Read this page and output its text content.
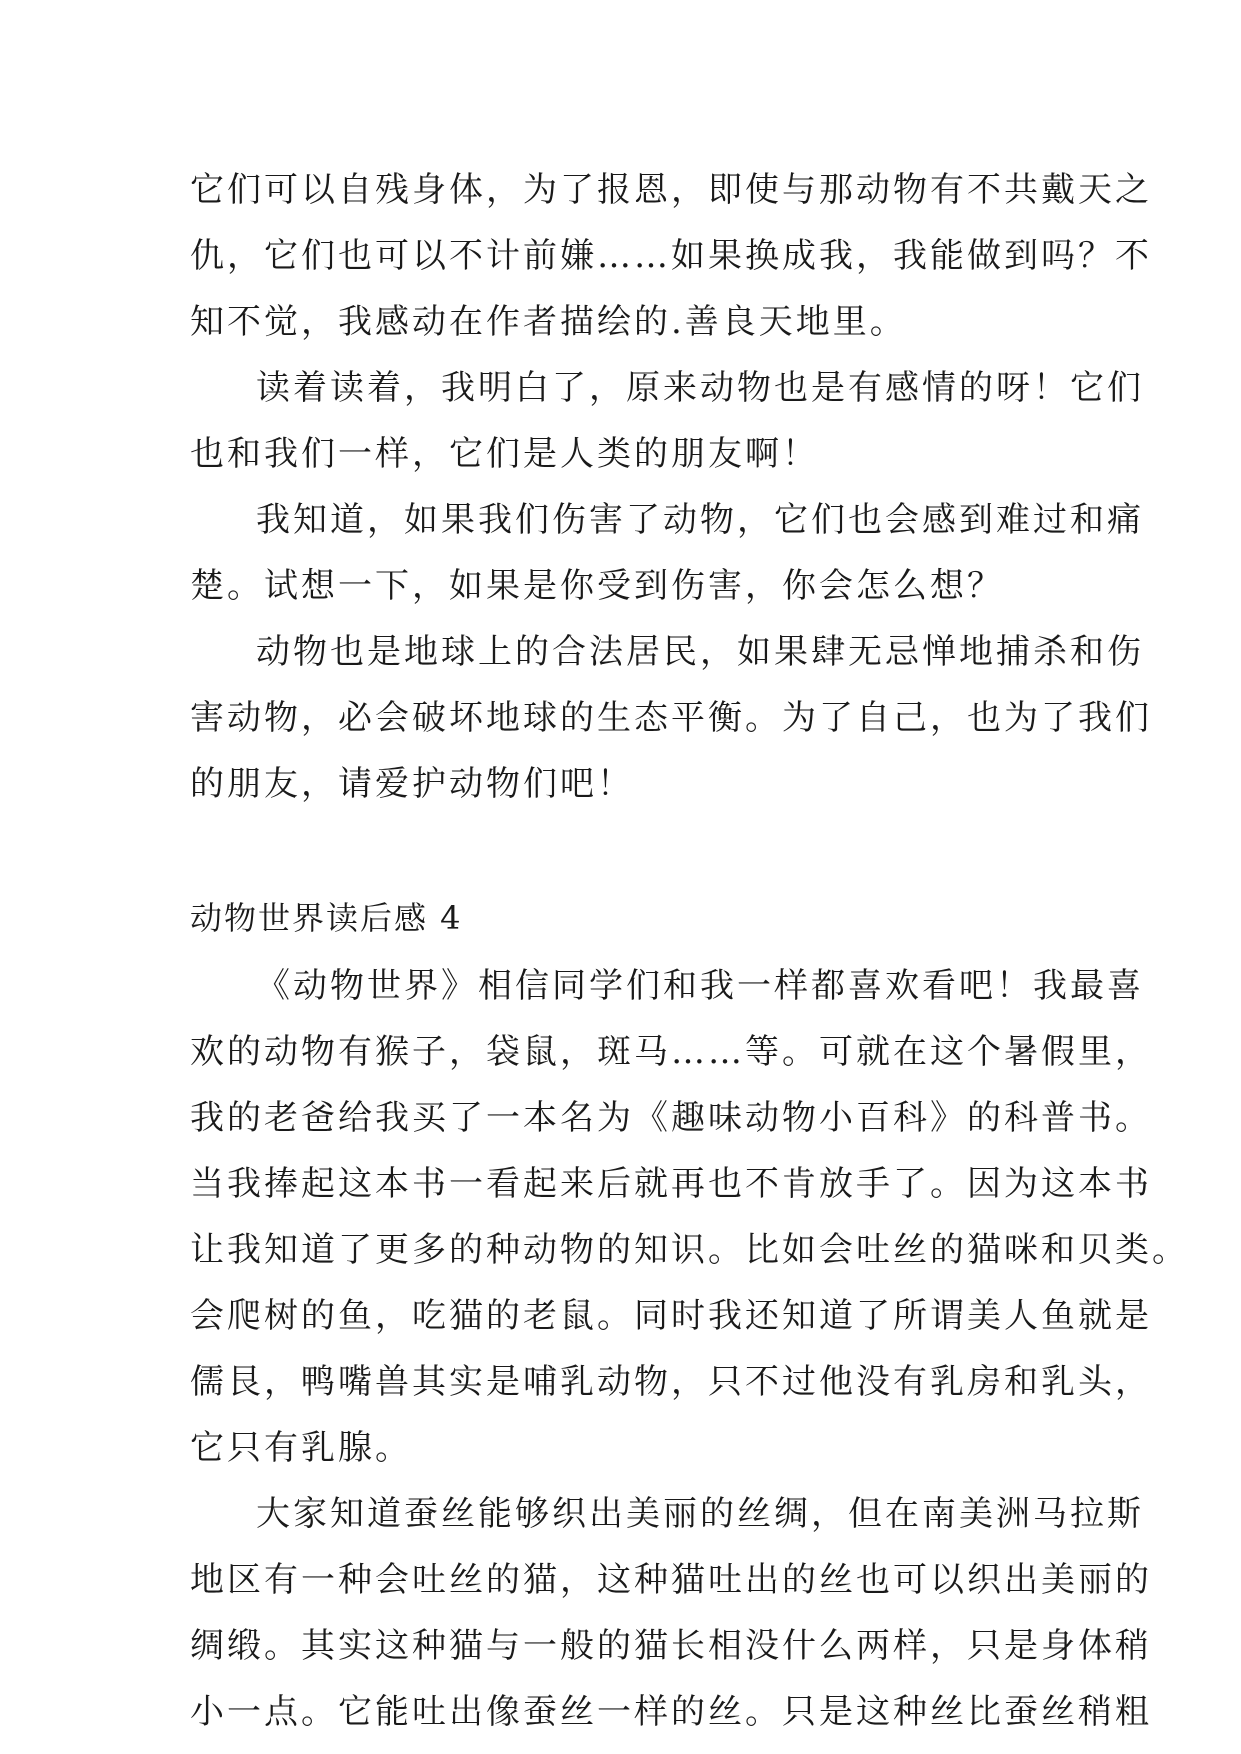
它们可以自残身体，为了报恩，即使与那动物有不共戴天之
仇，它们也可以不计前嫌……如果换成我，我能做到吗？不
知不觉，我感动在作者描绘的.善良天地里。
读着读着，我明白了，原来动物也是有感情的呀！它们
也和我们一样，它们是人类的朋友啊！
我知道，如果我们伤害了动物，它们也会感到难过和痛
楚。试想一下，如果是你受到伤害，你会怎么想？
动物也是地球上的合法居民，如果肆无忌惮地捕杀和伤
害动物，必会破坏地球的生态平衡。为了自己，也为了我们
的朋友，请爱护动物们吧！
动物世界读后感 4
《动物世界》相信同学们和我一样都喜欢看吧！我最喜
欢的动物有猴子，袋鼠，斑马……等。可就在这个暑假里，
我的老爸给我买了一本名为《趣味动物小百科》的科普书。
当我捧起这本书一看起来后就再也不肯放手了。因为这本书
让我知道了更多的种动物的知识。比如会吐丝的猫咪和贝类。
会爬树的鱼，吃猫的老鼠。同时我还知道了所谓美人鱼就是
儒艮，鸭嘴兽其实是哺乳动物，只不过他没有乳房和乳头，
它只有乳腺。
大家知道蚕丝能够织出美丽的丝绸，但在南美洲马拉斯
地区有一种会吐丝的猫，这种猫吐出的丝也可以织出美丽的
绸缎。其实这种猫与一般的猫长相没什么两样，只是身体稍
小一点。它能吐出像蚕丝一样的丝。只是这种丝比蚕丝稍粗
